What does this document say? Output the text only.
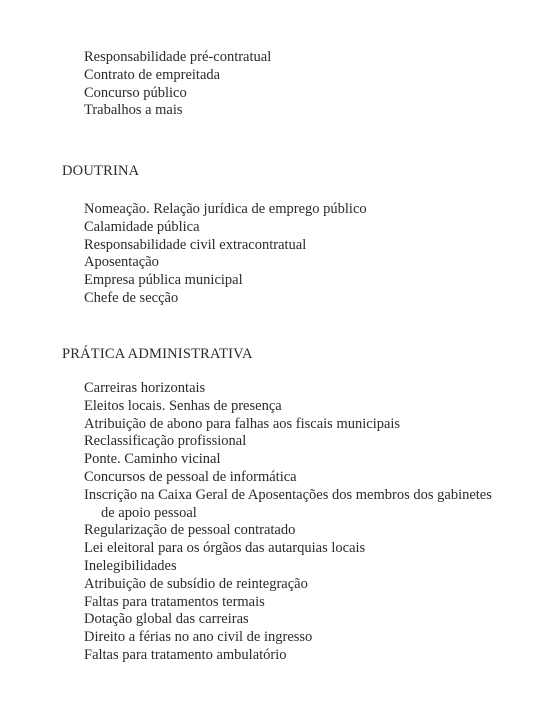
Responsabilidade pré-contratual
Contrato de empreitada
Concurso público
Trabalhos a mais
DOUTRINA
Nomeação. Relação jurídica de emprego público
Calamidade pública
Responsabilidade civil extracontratual
Aposentação
Empresa pública municipal
Chefe de secção
PRÁTICA ADMINISTRATIVA
Carreiras horizontais
Eleitos locais. Senhas de presença
Atribuição de abono para falhas aos fiscais municipais
Reclassificação profissional
Ponte. Caminho vicinal
Concursos de pessoal de informática
Inscrição na Caixa Geral de Aposentações dos membros dos gabinetes
de apoio pessoal
Regularização de pessoal contratado
Lei eleitoral para os órgãos das autarquias locais
Inelegibilidades
Atribuição de subsídio de reintegração
Faltas para tratamentos termais
Dotação global das carreiras
Direito a férias no ano civil de ingresso
Faltas para tratamento ambulatório
